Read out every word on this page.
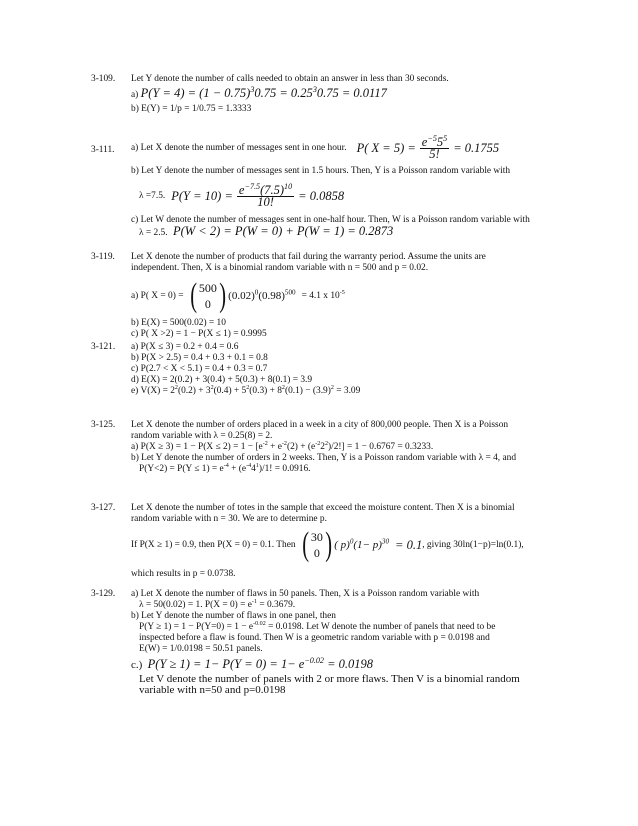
3-109.	Let Y denote the number of calls needed to obtain an answer in less than 30 seconds.
a) $P(Y = 4) = (1 - 0.75)^30.75 = 0.25^30.75 = 0.0117$
b) E(Y) = 1/p = 1/0.75 = 1.3333
3-111.	a) Let X denote the number of messages sent in one hour. P( $X = 5) = \frac{e^{-5}5^5}{5!} = 0.1755$
b) Let Y denote the number of messages sent in 1.5 hours. Then, Y is a Poisson random variable with
λ =7.5. $P(Y = 10) = \frac{e^{-7.5}(7.5)^{10}}{10!} = 0.0858$
c) Let W denote the number of messages sent in one-half hour. Then, W is a Poisson random variable with
λ = 2.5. P(W < 2) = P(W = 0) + P(W = 1) = 0.2873
3-119.	Let X denote the number of products that fail during the warranty period. Assume the units are
independent. Then, X is a binomial random variable with n = 500 and p = 0.02.
a) P( X = 0) = ( 500
0 ) $(0.02)^0(0.98)^{500} = 4.1$ x $10^{-5}$
b) E(X) = 500(0.02) = 10
c) P( X >2) = 1 − P(X ≤ 1) = 0.9995
3-121.	a) P(X ≤ 3) = 0.2 + 0.4 = 0.6
b) P(X > 2.5) = 0.4 + 0.3 + 0.1 = 0.8
c) P(2.7 < X < 5.1) = 0.4 + 0.3 = 0.7
d) E(X) = 2(0.2) + 3(0.4) + 5(0.3) + 8(0.1) = 3.9
e) $V(X) = 2^2(0.2) + 3^2(0.4) + 5^2(0.3) + 8^2(0.1) - (3.9)^2 = 3.09$
3-125.	Let X denote the number of orders placed in a week in a city of 800,000 people. Then X is a Poisson
random variable with λ = 0.25(8) = 2.
a) $P(X \ge 3) = 1 - P(X \le 2) = 1 - [e^{-2} + e^{-2}(2) + (e^{-2}2^2)/2!] = 1 - 0.6767 = 0.3233$.
b) Let Y denote the number of orders in 2 weeks. Then, Y is a Poisson random variable with λ = 4, and
$P(Y<2) = P(Y \le 1) = e^{-4} + (e^{-4}4^1)/1$! = 0.0916.
3-127.	Let X denote the number of totes in the sample that exceed the moisture content. Then X is a binomial
random variable with n = 30. We are to determine p.
If P(X ≥ 1) = 0.9, then P(X = 0) = 0.1. Then ( 30
0 ) ( $p)^0(1- p)^{30} = 0.1$ , giving 30ln(1−p)=ln(0.1),
which results in p = 0.0738.
3-129.	a) Let X denote the number of flaws in 50 panels. Then, X is a Poisson random variable with
λ = 50(0.02) = 1. $P(X = 0) = e^{-1} = 0.3679$.
b) Let Y denote the number of flaws in one panel, then
$P(Y \ge 1) = 1 - P(Y=0) = 1 - e^{-0.02} = 0.0198$. Let W denote the number of panels that need to be
inspected before a flaw is found. Then W is a geometric random variable with p = 0.0198 and
E(W) = 1/0.0198 = 50.51 panels.
c.) $P(Y \ge 1) = 1- P(Y = 0) = 1- e^{-0.02} = 0.0198$
Let V denote the number of panels with 2 or more flaws. Then V is a binomial random
variable with n=50 and p=0.0198
